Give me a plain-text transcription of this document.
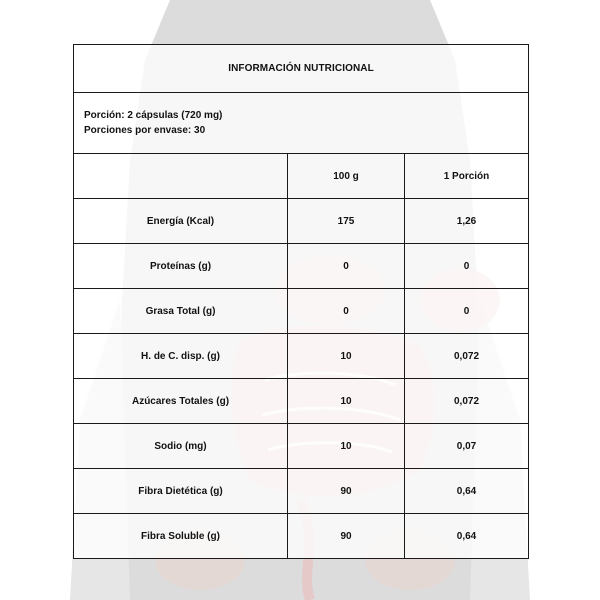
INFORMACIÓN NUTRICIONAL		

Porción: 2 cápsulas (720 mg)
Porciones por envase: 30		

	100 g	1 Porción
Energía (Kcal)	175	1,26
Proteínas (g)	0	0
Grasa Total (g)	0	0
H. de C. disp. (g)	10	0,072
Azúcares Totales (g)	10	0,072
Sodio (mg)	10	0,07
Fibra Dietética (g)	90	0,64
Fibra Soluble (g)	90	0,64
